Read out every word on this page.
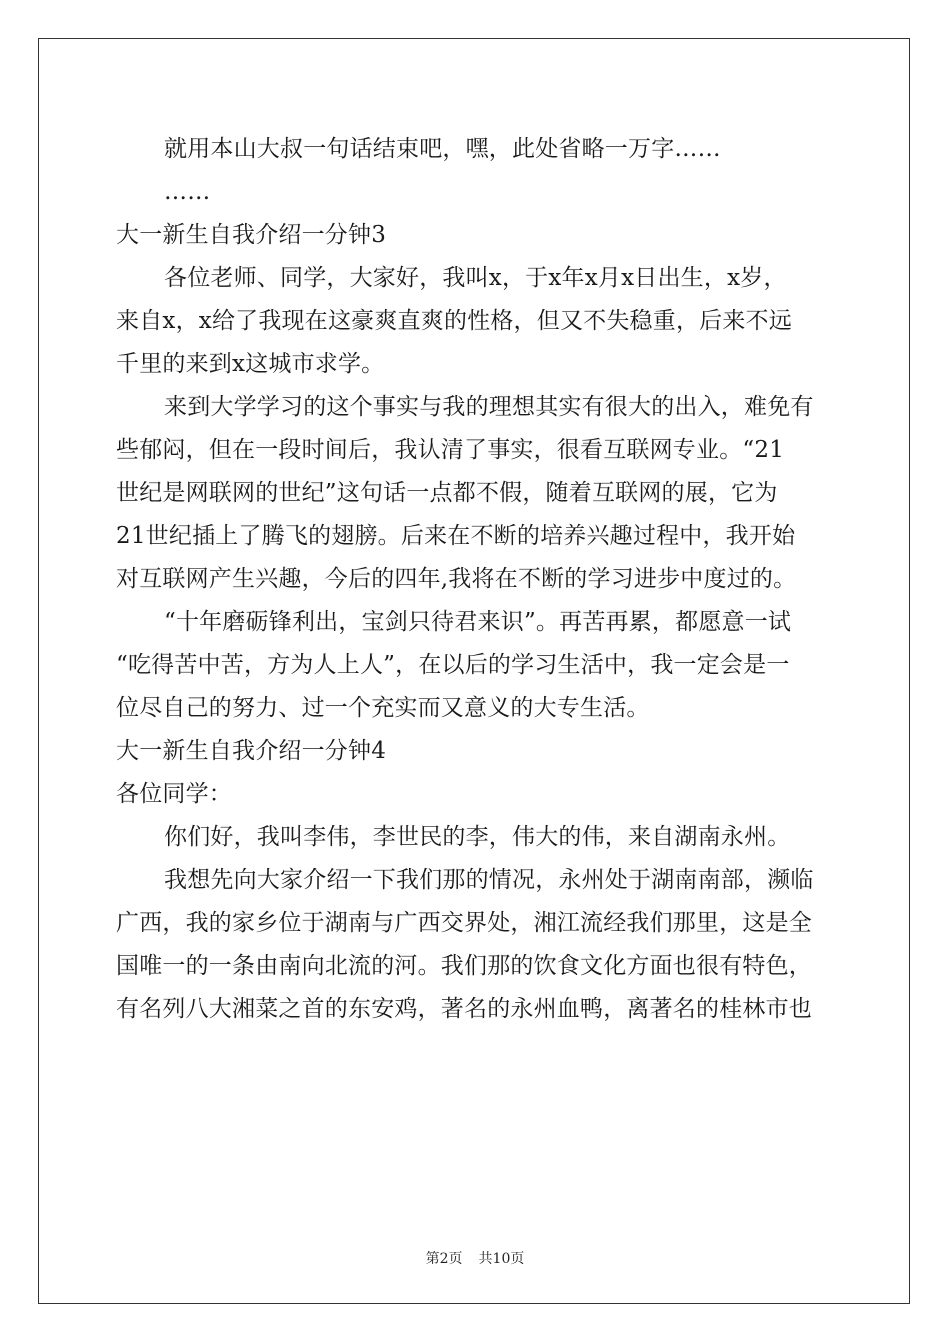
就用本山大叔一句话结束吧，嘿，此处省略一万字……
……
大一新生自我介绍一分钟3
各位老师、同学，大家好，我叫x，于x年x月x日出生，x岁，
来自x，x给了我现在这豪爽直爽的性格，但又不失稳重，后来不远
千里的来到x这城市求学。
来到大学学习的这个事实与我的理想其实有很大的出入，难免有
些郁闷，但在一段时间后，我认清了事实，很看互联网专业。“21
世纪是网联网的世纪”这句话一点都不假，随着互联网的展，它为
21世纪插上了腾飞的翅膀。后来在不断的培养兴趣过程中，我开始
对互联网产生兴趣，今后的四年,我将在不断的学习进步中度过的。
“十年磨砺锋利出，宝剑只待君来识”。再苦再累，都愿意一试
“吃得苦中苦，方为人上人”，在以后的学习生活中，我一定会是一
位尽自己的努力、过一个充实而又意义的大专生活。
大一新生自我介绍一分钟4
各位同学：
你们好，我叫李伟，李世民的李，伟大的伟，来自湖南永州。
我想先向大家介绍一下我们那的情况，永州处于湖南南部，濒临
广西，我的家乡位于湖南与广西交界处，湘江流经我们那里，这是全
国唯一的一条由南向北流的河。我们那的饮食文化方面也很有特色，
有名列八大湘菜之首的东安鸡，著名的永州血鸭，离著名的桂林市也
第2页 共10页
